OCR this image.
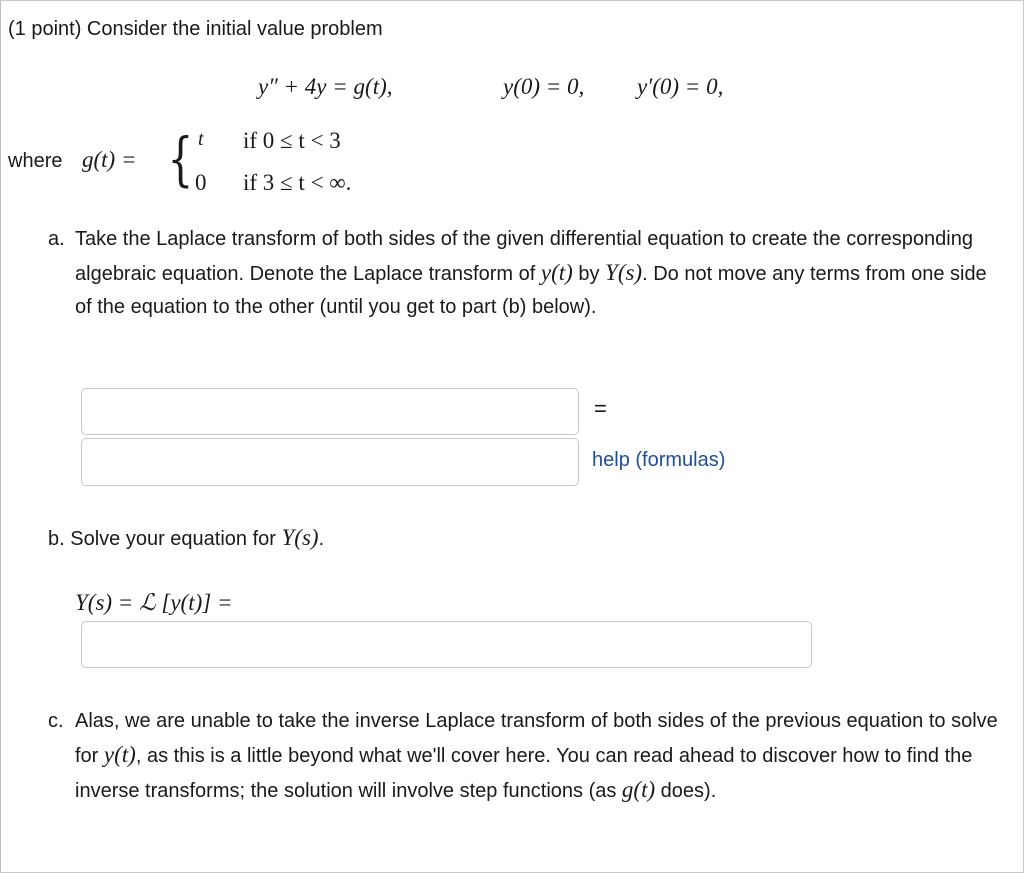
(1 point) Consider the initial value problem
y″ + 4y = g(t),	y(0) = 0, y′(0) = 0,
where g(t) = { t if 0 ≤ t < 3
0 if 3 ≤ t < ∞.
a. Take the Laplace transform of both sides of the given differential equation to create the corresponding algebraic equation. Denote the Laplace transform of y(t) by Y(s). Do not move any terms from one side of the equation to the other (until you get to part (b) below).
=
help (formulas)
b. Solve your equation for Y(s).
Y(s) = ℒ [y(t)] =
c. Alas, we are unable to take the inverse Laplace transform of both sides of the previous equation to solve for y(t), as this is a little beyond what we'll cover here. You can read ahead to discover how to find the inverse transforms; the solution will involve step functions (as g(t) does).
